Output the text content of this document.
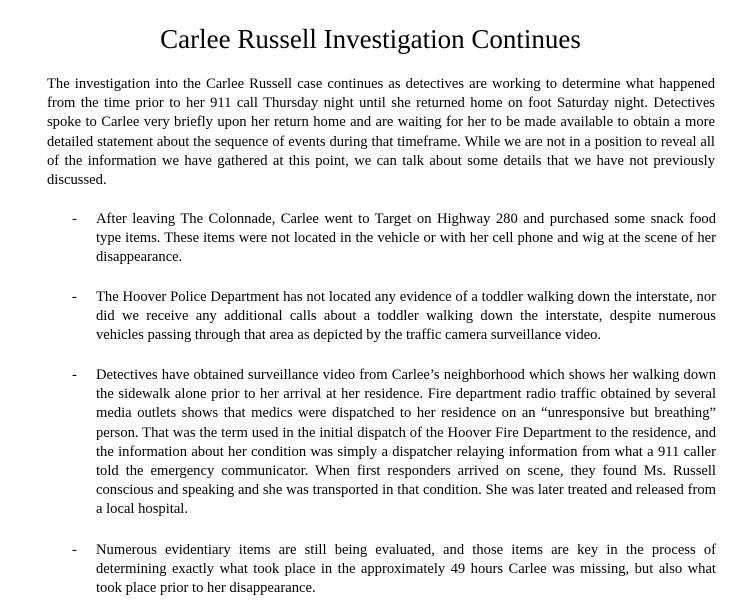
Carlee Russell Investigation Continues
The investigation into the Carlee Russell case continues as detectives are working to determine what happened from the time prior to her 911 call Thursday night until she returned home on foot Saturday night. Detectives spoke to Carlee very briefly upon her return home and are waiting for her to be made available to obtain a more detailed statement about the sequence of events during that timeframe. While we are not in a position to reveal all of the information we have gathered at this point, we can talk about some details that we have not previously discussed.
-	After leaving The Colonnade, Carlee went to Target on Highway 280 and purchased some snack food type items. These items were not located in the vehicle or with her cell phone and wig at the scene of her disappearance.
-	The Hoover Police Department has not located any evidence of a toddler walking down the interstate, nor did we receive any additional calls about a toddler walking down the interstate, despite numerous vehicles passing through that area as depicted by the traffic camera surveillance video.
-	Detectives have obtained surveillance video from Carlee’s neighborhood which shows her walking down the sidewalk alone prior to her arrival at her residence. Fire department radio traffic obtained by several media outlets shows that medics were dispatched to her residence on an “unresponsive but breathing” person. That was the term used in the initial dispatch of the Hoover Fire Department to the residence, and the information about her condition was simply a dispatcher relaying information from what a 911 caller told the emergency communicator. When first responders arrived on scene, they found Ms. Russell conscious and speaking and she was transported in that condition. She was later treated and released from a local hospital.
-	Numerous evidentiary items are still being evaluated, and those items are key in the process of determining exactly what took place in the approximately 49 hours Carlee was missing, but also what took place prior to her disappearance.
